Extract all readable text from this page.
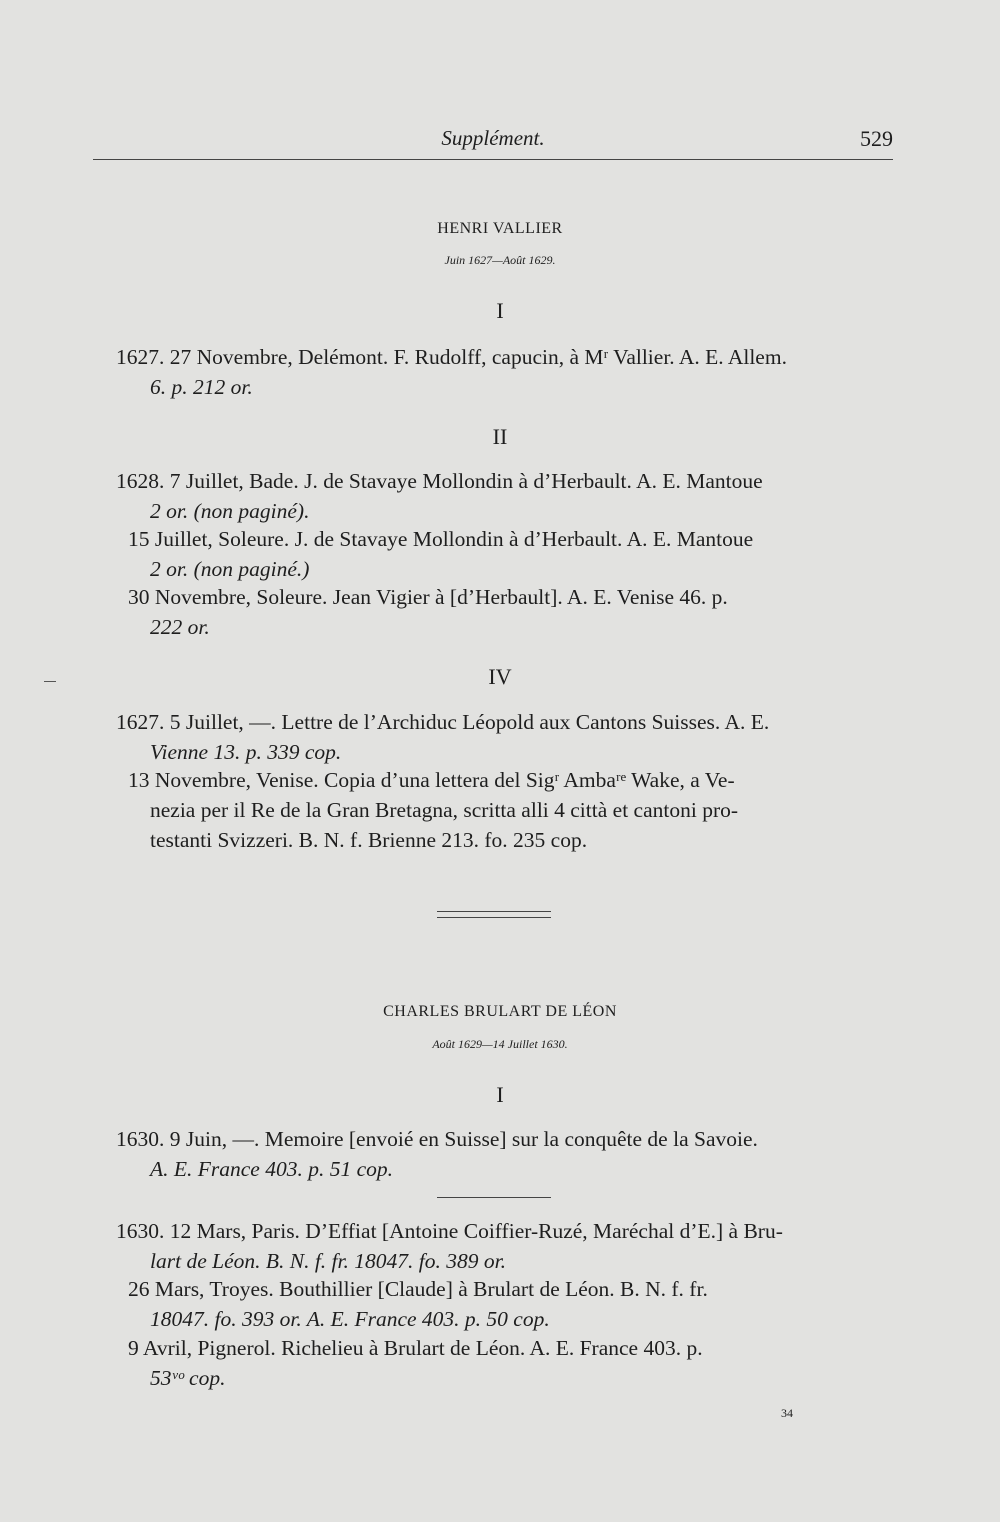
Supplément.	529
HENRI VALLIER
Juin 1627—Août 1629.
I
1627. 27 Novembre, Delémont. F. Rudolff, capucin, à Mʳ Vallier. A. E. Allem.
6. p. 212 or.
II
1628. 7 Juillet, Bade. J. de Stavaye Mollondin à d’Herbault. A. E. Mantoue
2 or. (non paginé).
15 Juillet, Soleure. J. de Stavaye Mollondin à d’Herbault. A. E. Mantoue
2 or. (non paginé.)
30 Novembre, Soleure. Jean Vigier à [d’Herbault]. A. E. Venise 46. p.
222 or.
IV
1627. 5 Juillet, —. Lettre de l’Archiduc Léopold aux Cantons Suisses. A. E.
Vienne 13. p. 339 cop.
13 Novembre, Venise. Copia d’una lettera del Sigʳ Ambaʳᵉ Wake, a Ve-
nezia per il Re de la Gran Bretagna, scritta alli 4 città et cantoni pro-
testanti Svizzeri. B. N. f. Brienne 213. fo. 235 cop.
CHARLES BRULART DE LÉON
Août 1629—14 Juillet 1630.
I
1630. 9 Juin, —. Memoire [envoié en Suisse] sur la conquête de la Savoie.
A. E. France 403. p. 51 cop.
1630. 12 Mars, Paris. D’Effiat [Antoine Coiffier-Ruzé, Maréchal d’E.] à Bru-
lart de Léon. B. N. f. fr. 18047. fo. 389 or.
26 Mars, Troyes. Bouthillier [Claude] à Brulart de Léon. B. N. f. fr.
18047. fo. 393 or. A. E. France 403. p. 50 cop.
9 Avril, Pignerol. Richelieu à Brulart de Léon. A. E. France 403. p.
53ᵛᵒ cop.
34
